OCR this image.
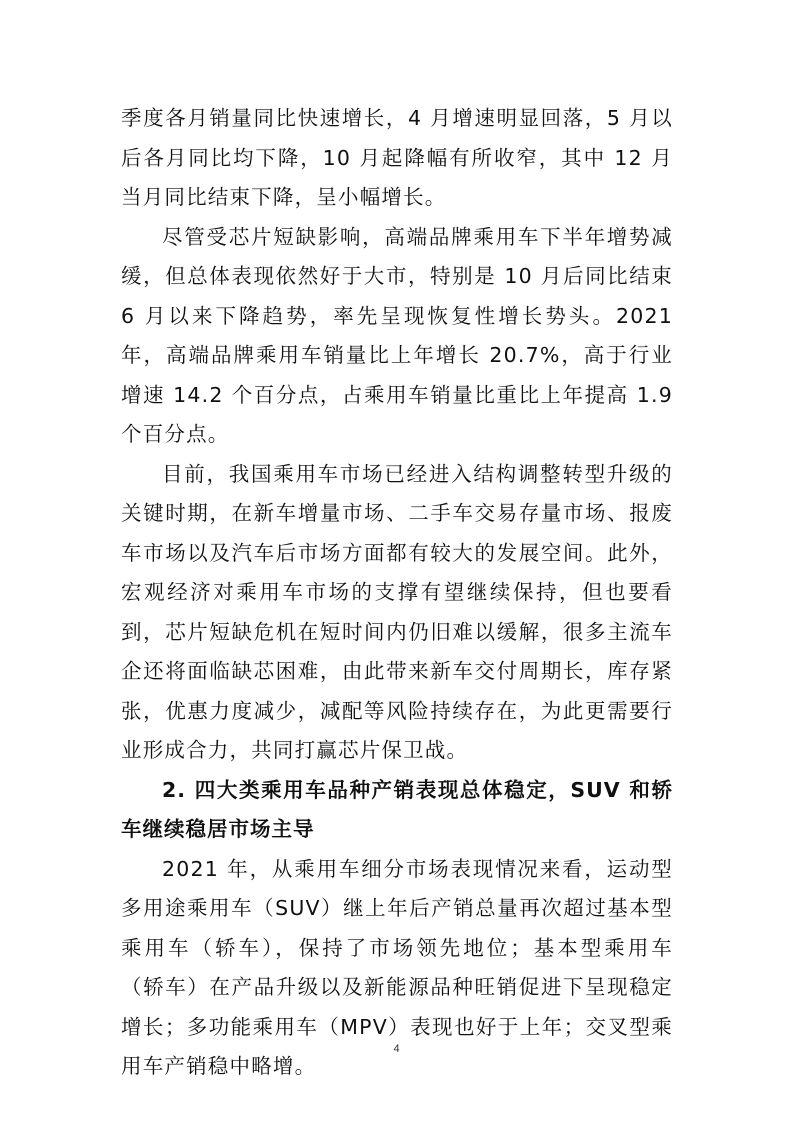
季度各月销量同比快速增长，4 月增速明显回落，5 月以后各月同比均下降，10 月起降幅有所收窄，其中 12 月当月同比结束下降，呈小幅增长。

尽管受芯片短缺影响，高端品牌乘用车下半年增势减缓，但总体表现依然好于大市，特别是 10 月后同比结束 6 月以来下降趋势，率先呈现恢复性增长势头。2021 年，高端品牌乘用车销量比上年增长 20.7%，高于行业增速 14.2 个百分点，占乘用车销量比重比上年提高 1.9 个百分点。

目前，我国乘用车市场已经进入结构调整转型升级的关键时期，在新车增量市场、二手车交易存量市场、报废车市场以及汽车后市场方面都有较大的发展空间。此外，宏观经济对乘用车市场的支撑有望继续保持，但也要看到，芯片短缺危机在短时间内仍旧难以缓解，很多主流车企还将面临缺芯困难，由此带来新车交付周期长，库存紧张，优惠力度减少，减配等风险持续存在，为此更需要行业形成合力，共同打赢芯片保卫战。

2. 四大类乘用车品种产销表现总体稳定，SUV 和轿车继续稳居市场主导

2021 年，从乘用车细分市场表现情况来看，运动型多用途乘用车（SUV）继上年后产销总量再次超过基本型乘用车（轿车），保持了市场领先地位；基本型乘用车（轿车）在产品升级以及新能源品种旺销促进下呈现稳定增长；多功能乘用车（MPV）表现也好于上年；交叉型乘用车产销稳中略增。

4
